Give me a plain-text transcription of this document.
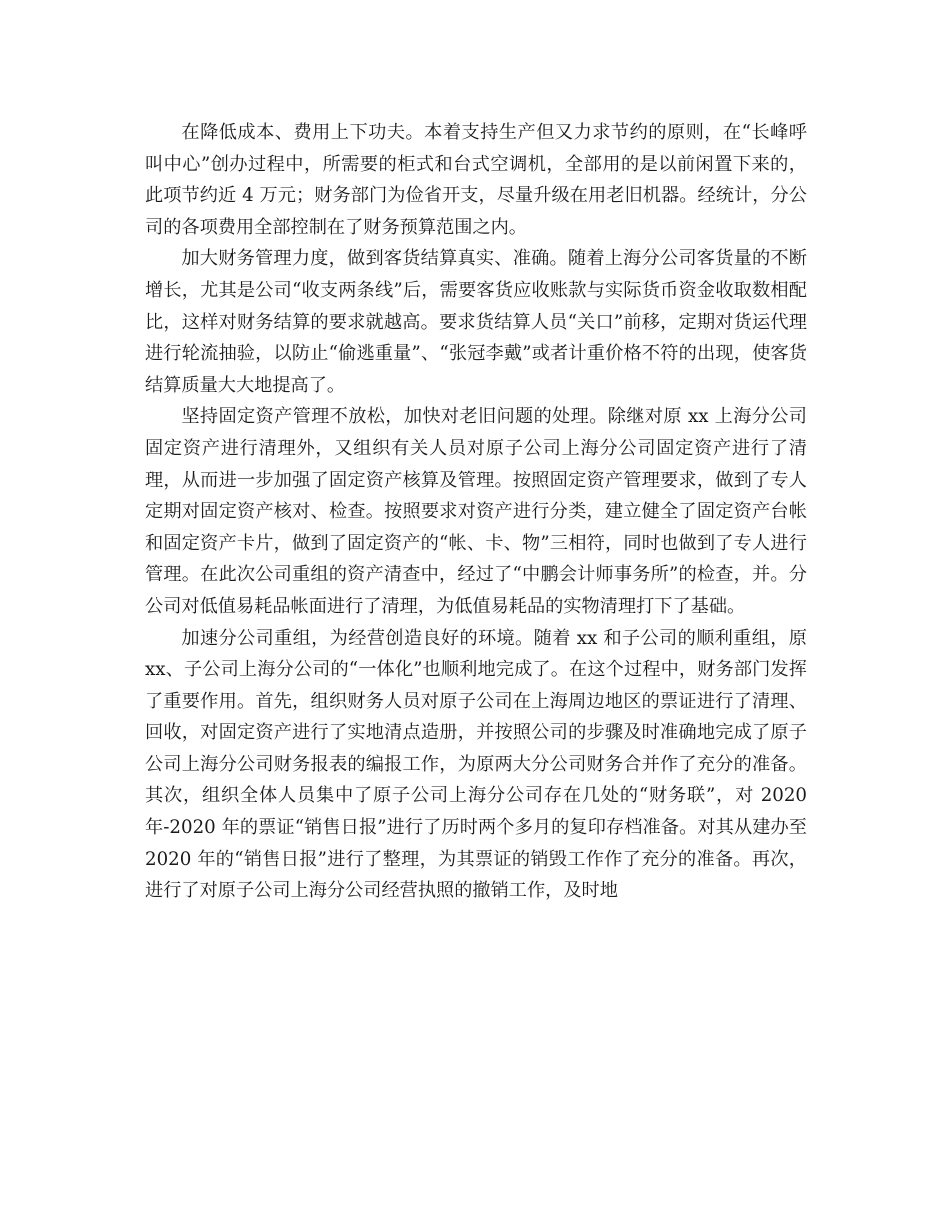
在降低成本、费用上下功夫。本着支持生产但又力求节约的原则，在“长峰呼叫中心”创办过程中，所需要的柜式和台式空调机，全部用的是以前闲置下来的，此项节约近 4 万元；财务部门为俭省开支，尽量升级在用老旧机器。经统计，分公司的各项费用全部控制在了财务预算范围之内。

加大财务管理力度，做到客货结算真实、准确。随着上海分公司客货量的不断增长，尤其是公司“收支两条线”后，需要客货应收账款与实际货币资金收取数相配比，这样对财务结算的要求就越高。要求货结算人员“关口”前移，定期对货运代理进行轮流抽验，以防止“偷逃重量”、“张冠李戴”或者计重价格不符的出现，使客货结算质量大大地提高了。

坚持固定资产管理不放松，加快对老旧问题的处理。除继对原 xx 上海分公司固定资产进行清理外，又组织有关人员对原子公司上海分公司固定资产进行了清理，从而进一步加强了固定资产核算及管理。按照固定资产管理要求，做到了专人定期对固定资产核对、检查。按照要求对资产进行分类，建立健全了固定资产台帐和固定资产卡片，做到了固定资产的“帐、卡、物”三相符，同时也做到了专人进行管理。在此次公司重组的资产清查中，经过了“中鹏会计师事务所”的检查，并。分公司对低值易耗品帐面进行了清理，为低值易耗品的实物清理打下了基础。

加速分公司重组，为经营创造良好的环境。随着 xx 和子公司的顺利重组，原 xx、子公司上海分公司的“一体化”也顺利地完成了。在这个过程中，财务部门发挥了重要作用。首先，组织财务人员对原子公司在上海周边地区的票证进行了清理、回收，对固定资产进行了实地清点造册，并按照公司的步骤及时准确地完成了原子公司上海分公司财务报表的编报工作，为原两大分公司财务合并作了充分的准备。其次，组织全体人员集中了原子公司上海分公司存在几处的“财务联”，对 2020 年-2020 年的票证“销售日报”进行了历时两个多月的复印存档准备。对其从建办至 2020 年的“销售日报”进行了整理，为其票证的销毁工作作了充分的准备。再次，进行了对原子公司上海分公司经营执照的撤销工作，及时地
